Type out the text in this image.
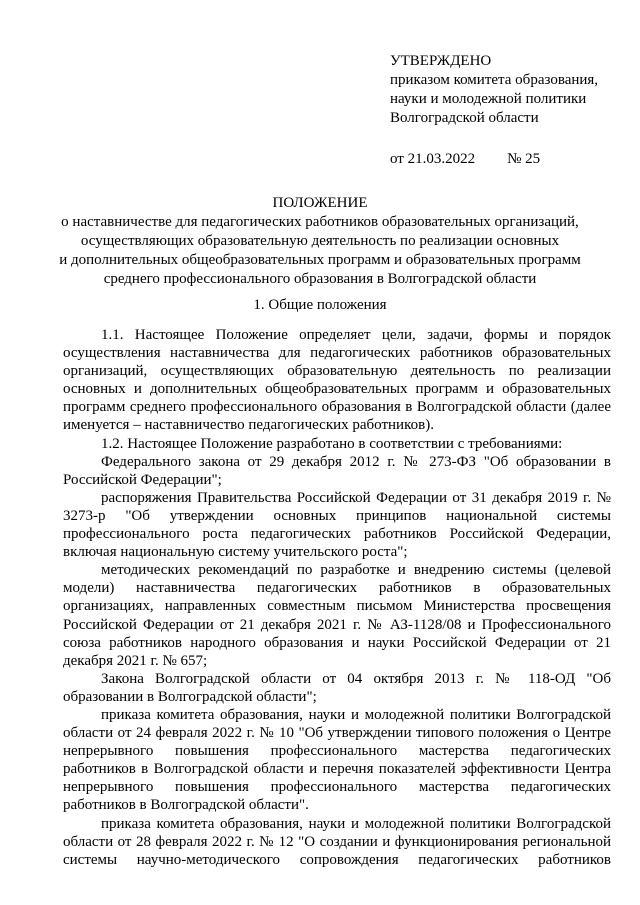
УТВЕРЖДЕНО
приказом комитета образования,
науки и молодежной политики
Волгоградской области
от 21.03.2022 № 25
ПОЛОЖЕНИЕ
о наставничестве для педагогических работников образовательных организаций,
осуществляющих образовательную деятельность по реализации основных
и дополнительных общеобразовательных программ и образовательных программ
среднего профессионального образования в Волгоградской области
1. Общие положения

1.1. Настоящее Положение определяет цели, задачи, формы и порядок осуществления наставничества для педагогических работников образовательных организаций, осуществляющих образовательную деятельность по реализации основных и дополнительных общеобразовательных программ и образовательных программ среднего профессионального образования в Волгоградской области (далее именуется – наставничество педагогических работников).

1.2. Настоящее Положение разработано в соответствии с требованиями:

Федерального закона от 29 декабря 2012 г. № 273-ФЗ "Об образовании в Российской Федерации";

распоряжения Правительства Российской Федерации от 31 декабря 2019 г. № 3273-р "Об утверждении основных принципов национальной системы профессионального роста педагогических работников Российской Федерации, включая национальную систему учительского роста";

методических рекомендаций по разработке и внедрению системы (целевой модели) наставничества педагогических работников в образовательных организациях, направленных совместным письмом Министерства просвещения Российской Федерации от 21 декабря 2021 г. № АЗ-1128/08 и Профессионального союза работников народного образования и науки Российской Федерации от 21 декабря 2021 г. № 657;

Закона Волгоградской области от 04 октября 2013 г. № 118-ОД "Об образовании в Волгоградской области";

приказа комитета образования, науки и молодежной политики Волгоградской области от 24 февраля 2022 г. № 10 "Об утверждении типового положения о Центре непрерывного повышения профессионального мастерства педагогических работников в Волгоградской области и перечня показателей эффективности Центра непрерывного повышения профессионального мастерства педагогических работников в Волгоградской области".

приказа комитета образования, науки и молодежной политики Волгоградской области от 28 февраля 2022 г. № 12 "О создании и функционирования региональной системы научно-методического сопровождения педагогических работников
